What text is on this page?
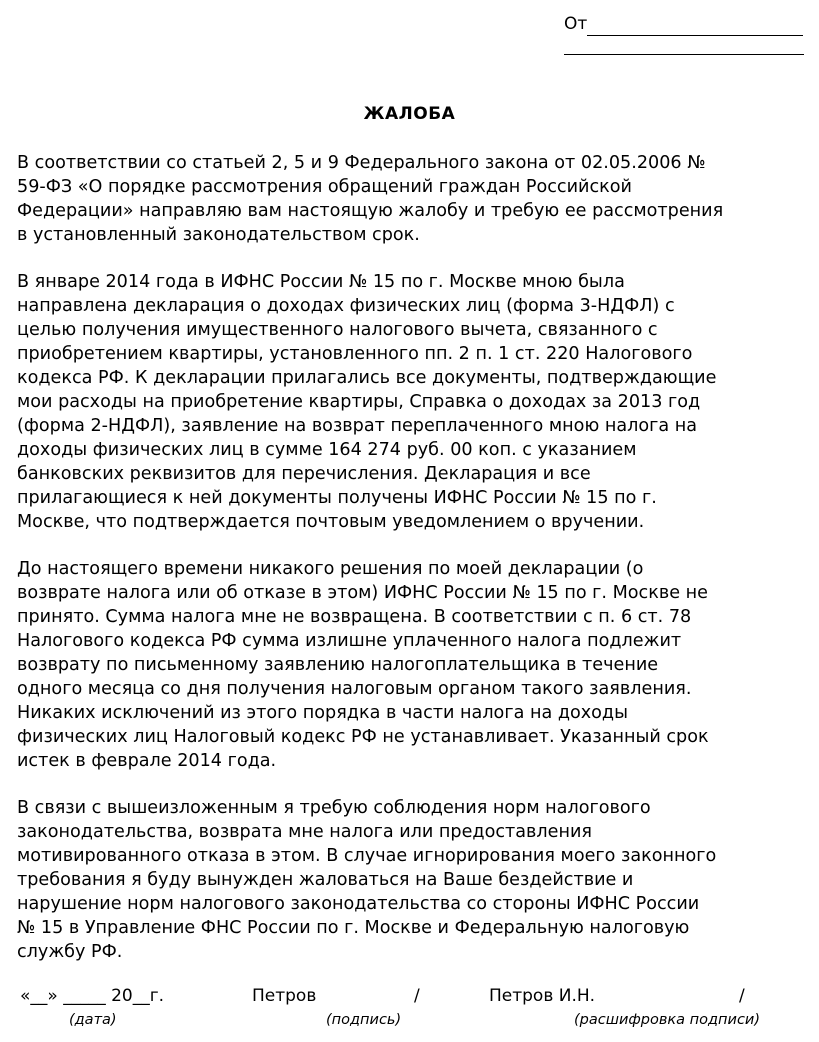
От
ЖАЛОБА

В соответствии со статьей 2, 5 и 9 Федерального закона от 02.05.2006 №
59-ФЗ «О порядке рассмотрения обращений граждан Российской
Федерации» направляю вам настоящую жалобу и требую ее рассмотрения
в установленный законодательством срок.

В январе 2014 года в ИФНС России № 15 по г. Москве мною была
направлена декларация о доходах физических лиц (форма 3-НДФЛ) с
целью получения имущественного налогового вычета, связанного с
приобретением квартиры, установленного пп. 2 п. 1 ст. 220 Налогового
кодекса РФ. К декларации прилагались все документы, подтверждающие
мои расходы на приобретение квартиры, Справка о доходах за 2013 год
(форма 2-НДФЛ), заявление на возврат переплаченного мною налога на
доходы физических лиц в сумме 164 274 руб. 00 коп. с указанием
банковских реквизитов для перечисления. Декларация и все
прилагающиеся к ней документы получены ИФНС России № 15 по г.
Москве, что подтверждается почтовым уведомлением о вручении.

До настоящего времени никакого решения по моей декларации (о
возврате налога или об отказе в этом) ИФНС России № 15 по г. Москве не
принято. Сумма налога мне не возвращена. В соответствии с п. 6 ст. 78
Налогового кодекса РФ сумма излишне уплаченного налога подлежит
возврату по письменному заявлению налогоплательщика в течение
одного месяца со дня получения налоговым органом такого заявления.
Никаких исключений из этого порядка в части налога на доходы
физических лиц Налоговый кодекс РФ не устанавливает. Указанный срок
истек в феврале 2014 года.

В связи с вышеизложенным я требую соблюдения норм налогового
законодательства, возврата мне налога или предоставления
мотивированного отказа в этом. В случае игнорирования моего законного
требования я буду вынужден жаловаться на Ваше бездействие и
нарушение норм налогового законодательства со стороны ИФНС России
№ 15 в Управление ФНС России по г. Москве и Федеральную налоговую
службу РФ.

«__» _____ 20__г.	Петров	/	Петров И.Н.	/
(дата)	(подпись)	(расшифровка подписи)
